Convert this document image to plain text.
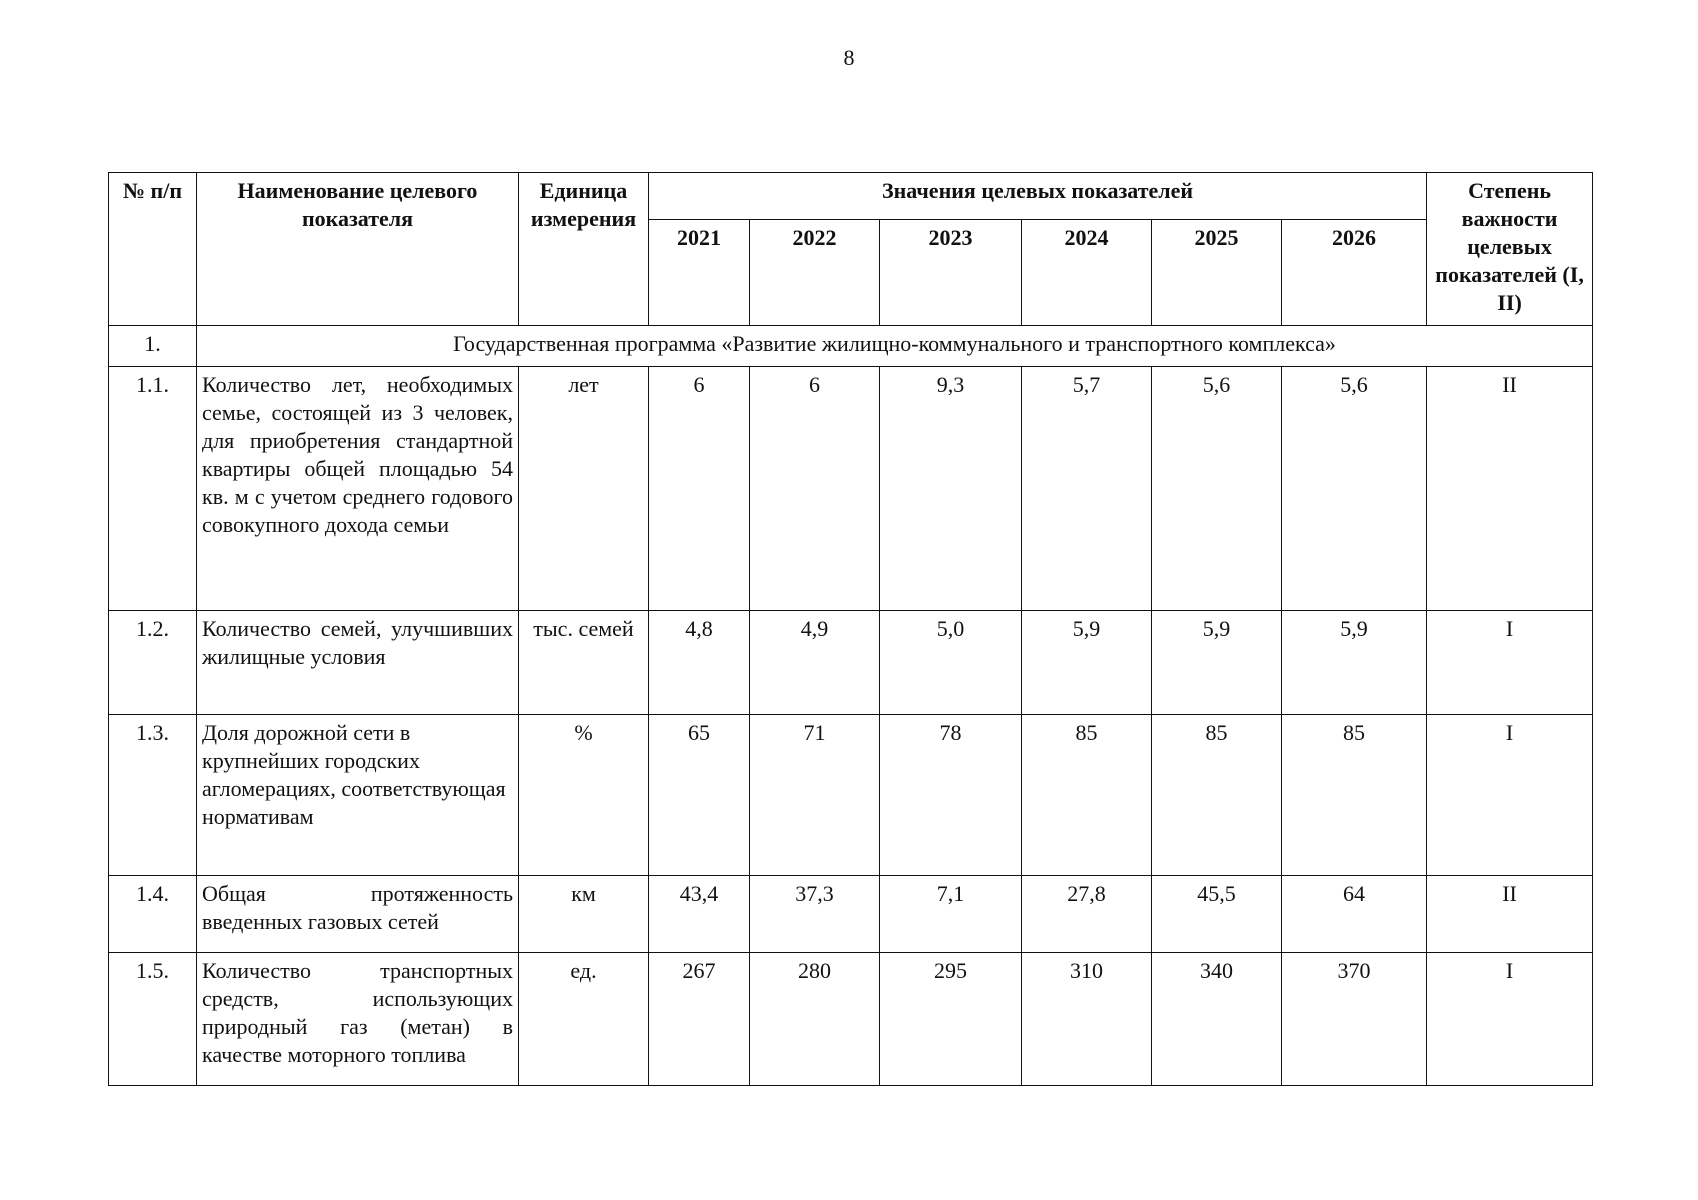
8
№ п/п	Наименование целевого показателя	Единица измерения	Значения целевых показателей						Степень важности целевых показателей (I, II)
			2021	2022	2023	2024	2025	2026	
1.	Государственная программа «Развитие жилищно-коммунального и транспортного комплекса»								
1.1.	Количество лет, необходимых семье, состоящей из 3 человек, для приобретения стандартной квартиры общей площадью 54 кв. м с учетом среднего годового совокупного дохода семьи	лет	6	6	9,3	5,7	5,6	5,6	II
1.2.	Количество семей, улучшивших жилищные условия	тыс. семей	4,8	4,9	5,0	5,9	5,9	5,9	I
1.3.	Доля дорожной сети в крупнейших городских агломерациях, соответствующая нормативам	%	65	71	78	85	85	85	I
1.4.	Общая протяженность введенных газовых сетей	км	43,4	37,3	7,1	27,8	45,5	64	II
1.5.	Количество транспортных средств, использующих природный газ (метан) в качестве моторного топлива	ед.	267	280	295	310	340	370	I
